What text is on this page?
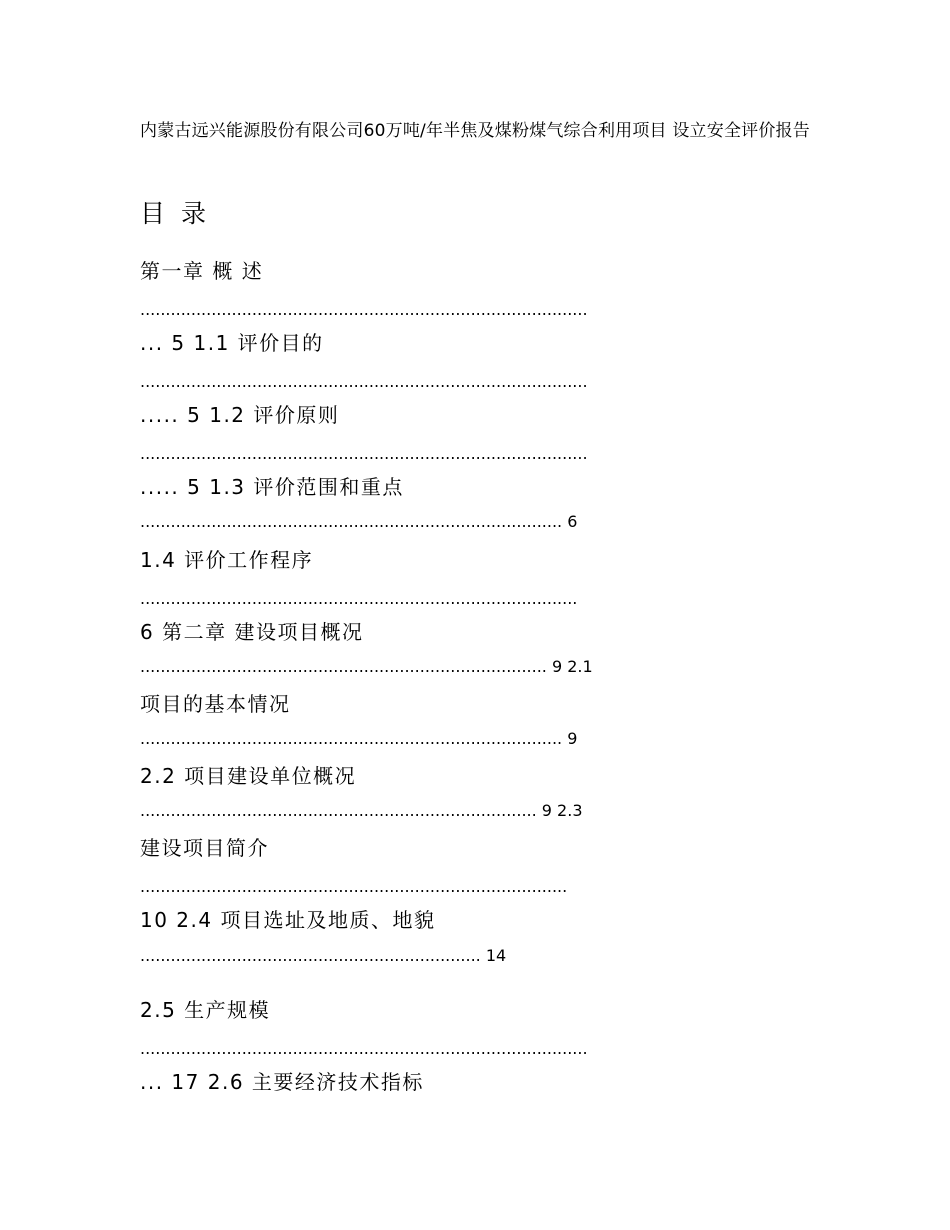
内蒙古远兴能源股份有限公司60万吨/年半焦及煤粉煤气综合利用项目 设立安全评价报告
目 录
第一章 概 述
........................................................................................
... 5 1.1 评价目的
........................................................................................
..... 5 1.2 评价原则
........................................................................................
..... 5 1.3 评价范围和重点
................................................................................... 6
1.4 评价工作程序
......................................................................................
6 第二章 建设项目概况
................................................................................ 9 2.1
项目的基本情况
................................................................................... 9
2.2 项目建设单位概况
.............................................................................. 9 2.3
建设项目简介
....................................................................................
10 2.4 项目选址及地质、地貌
................................................................... 14
2.5 生产规模
........................................................................................
... 17 2.6 主要经济技术指标
